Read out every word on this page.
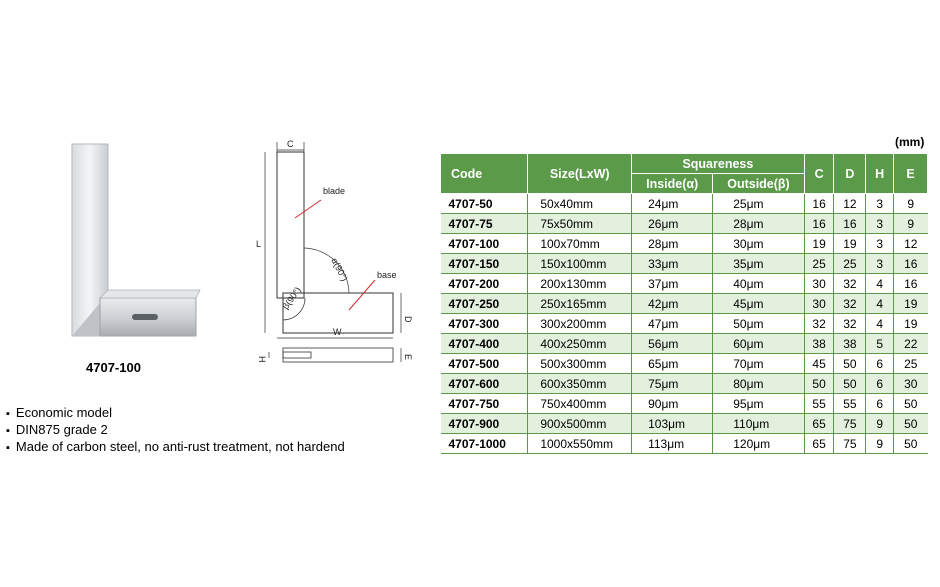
4707-100
▪ Economic model
▪ DIN875 grade 2
▪ Made of carbon steel, no anti-rust treatment, not hardend
C
L
blade
α(90°)	base
β(90°)
D
W
H	E
(mm)
Code	Size(LxW)	Squareness		C	D	H	E
		Inside(α)	Outside(β)				
4707-50	50x40mm	24μm	25μm	16	12	3	9
4707-75	75x50mm	26μm	28μm	16	16	3	9
4707-100	100x70mm	28μm	30μm	19	19	3	12
4707-150	150x100mm	33μm	35μm	25	25	3	16
4707-200	200x130mm	37μm	40μm	30	32	4	16
4707-250	250x165mm	42μm	45μm	30	32	4	19
4707-300	300x200mm	47μm	50μm	32	32	4	19
4707-400	400x250mm	56μm	60μm	38	38	5	22
4707-500	500x300mm	65μm	70μm	45	50	6	25
4707-600	600x350mm	75μm	80μm	50	50	6	30
4707-750	750x400mm	90μm	95μm	55	55	6	50
4707-900	900x500mm	103μm	110μm	65	75	9	50
4707-1000	1000x550mm	113μm	120μm	65	75	9	50
